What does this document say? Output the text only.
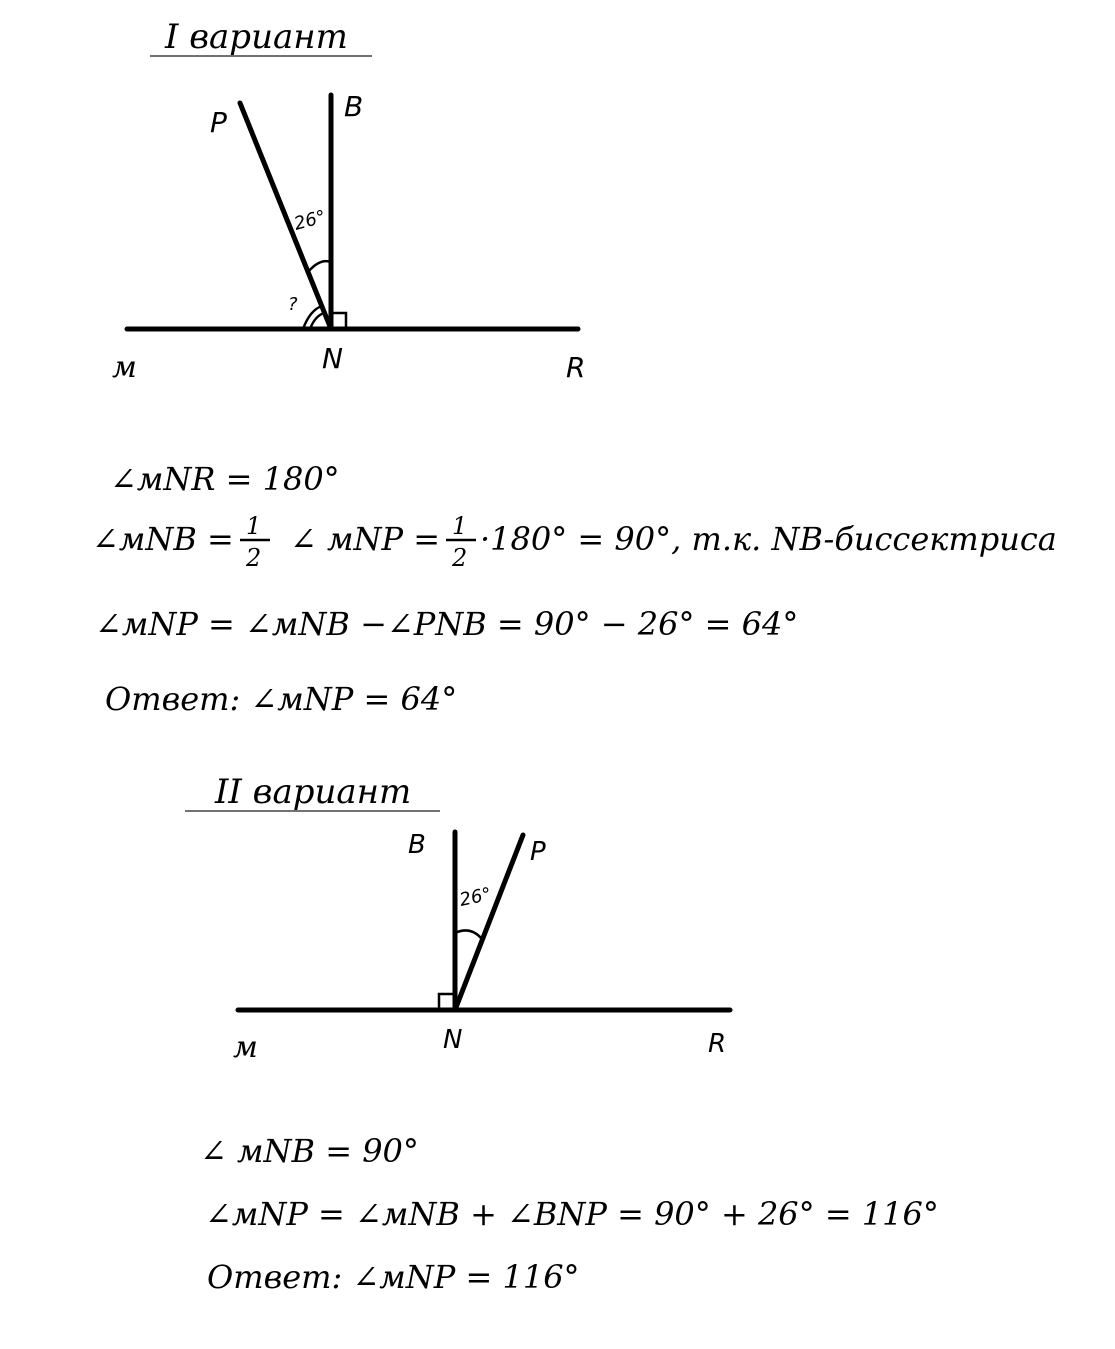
I вариант
P	B
м	N	R
26°
?
∠мNR = 180°
∠мNB = 1
2 ∠ мNP = 1
2 ·180° = 90°, т.к. NB-биссектриса
∠мNP = ∠мNB −∠PNB = 90° − 26° = 64°
Ответ: ∠мNP = 64°
II вариант
B	P
м	N	R
26°
∠ мNB = 90°
∠мNP = ∠мNB + ∠BNP = 90° + 26° = 116°
Ответ: ∠мNP = 116°
